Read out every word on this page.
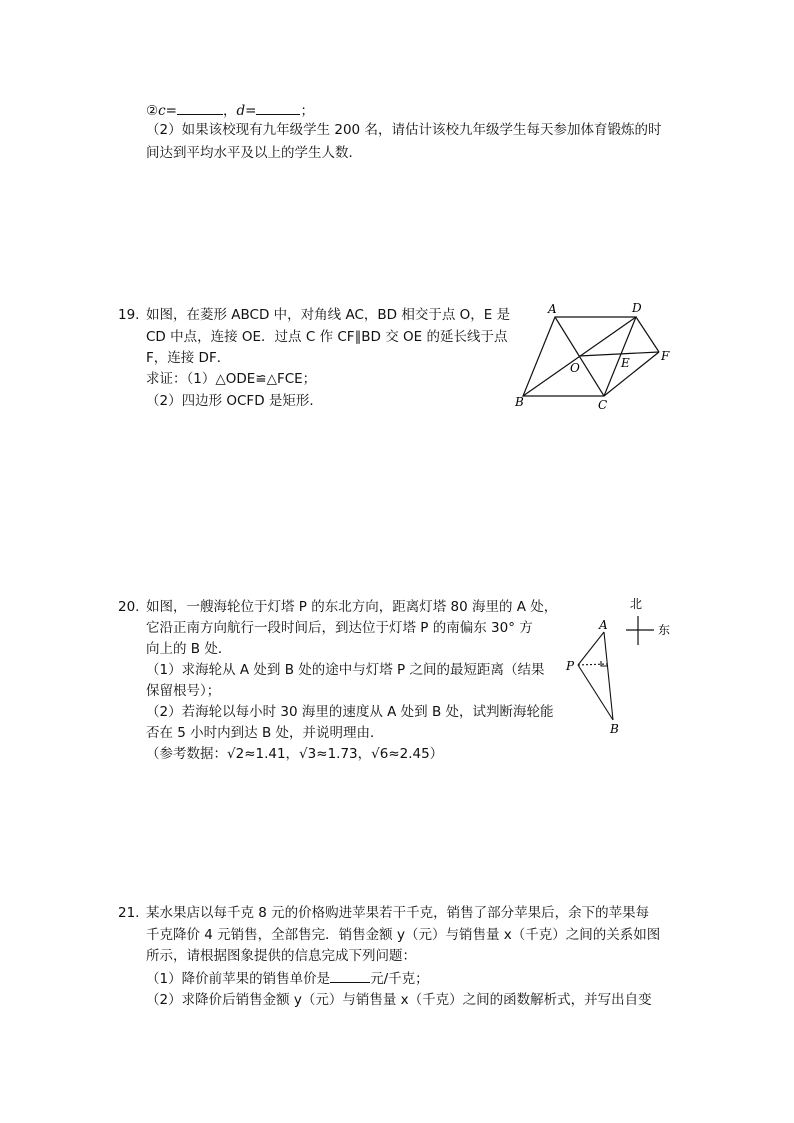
②c=	，d=	；
（2）如果该校现有九年级学生 200 名，请估计该校九年级学生每天参加体育锻炼的时
间达到平均水平及以上的学生人数．
19. 如图，在菱形 ABCD 中，对角线 AC，BD 相交于点 O，E 是
CD 中点，连接 OE．过点 C 作 CF∥BD 交 OE 的延长线于点
F，连接 DF．
求证：（1）△ODE≌△FCE；
（2）四边形 OCFD 是矩形．
A	D
O	E	F
B	C
20. 如图，一艘海轮位于灯塔 P 的东北方向，距离灯塔 80 海里的 A 处，
它沿正南方向航行一段时间后，到达位于灯塔 P 的南偏东 30° 方
向上的 B 处．
（1）求海轮从 A 处到 B 处的途中与灯塔 P 之间的最短距离（结果
保留根号）；
（2）若海轮以每小时 30 海里的速度从 A 处到 B 处，试判断海轮能
否在 5 小时内到达 B 处，并说明理由．
（参考数据：√2≈1.41，√3≈1.73，√6≈2.45）
北
东
A
P
B
21. 某水果店以每千克 8 元的价格购进苹果若干千克，销售了部分苹果后，余下的苹果每
千克降价 4 元销售，全部售完．销售金额 y（元）与销售量 x（千克）之间的关系如图
所示，请根据图象提供的信息完成下列问题：
（1）降价前苹果的销售单价是	元/千克；
（2）求降价后销售金额 y（元）与销售量 x（千克）之间的函数解析式，并写出自变
